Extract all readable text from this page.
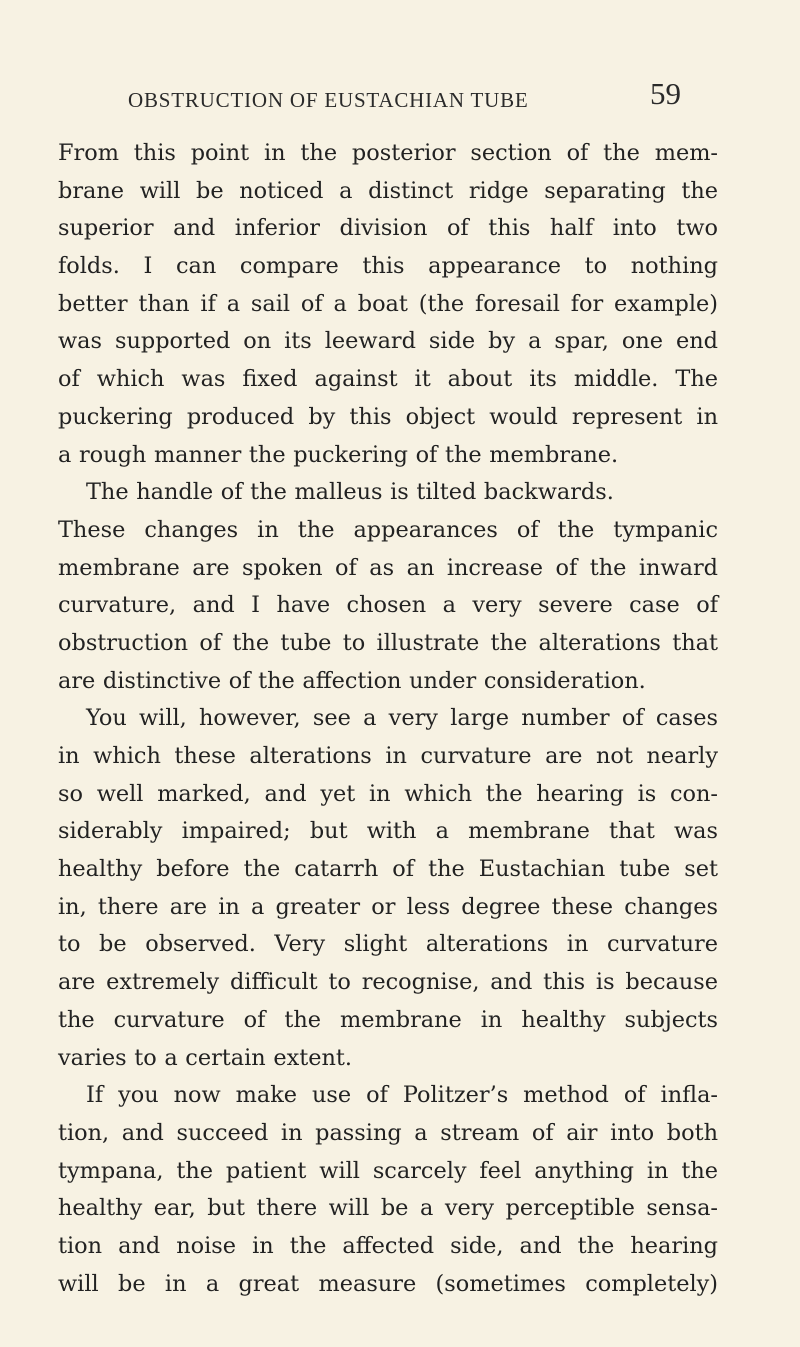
OBSTRUCTION OF EUSTACHIAN TUBE	59
From this point in the posterior section of the mem-
brane will be noticed a distinct ridge separating the
superior and inferior division of this half into two
folds. I can compare this appearance to nothing
better than if a sail of a boat (the foresail for example)
was supported on its leeward side by a spar, one end
of which was fixed against it about its middle. The
puckering produced by this object would represent in
a rough manner the puckering of the membrane.
The handle of the malleus is tilted backwards.
These changes in the appearances of the tympanic
membrane are spoken of as an increase of the inward
curvature, and I have chosen a very severe case of
obstruction of the tube to illustrate the alterations that
are distinctive of the affection under consideration.
You will, however, see a very large number of cases
in which these alterations in curvature are not nearly
so well marked, and yet in which the hearing is con-
siderably impaired; but with a membrane that was
healthy before the catarrh of the Eustachian tube set
in, there are in a greater or less degree these changes
to be observed. Very slight alterations in curvature
are extremely difficult to recognise, and this is because
the curvature of the membrane in healthy subjects
varies to a certain extent.
If you now make use of Politzer’s method of infla-
tion, and succeed in passing a stream of air into both
tympana, the patient will scarcely feel anything in the
healthy ear, but there will be a very perceptible sensa-
tion and noise in the affected side, and the hearing
will be in a great measure (sometimes completely)
